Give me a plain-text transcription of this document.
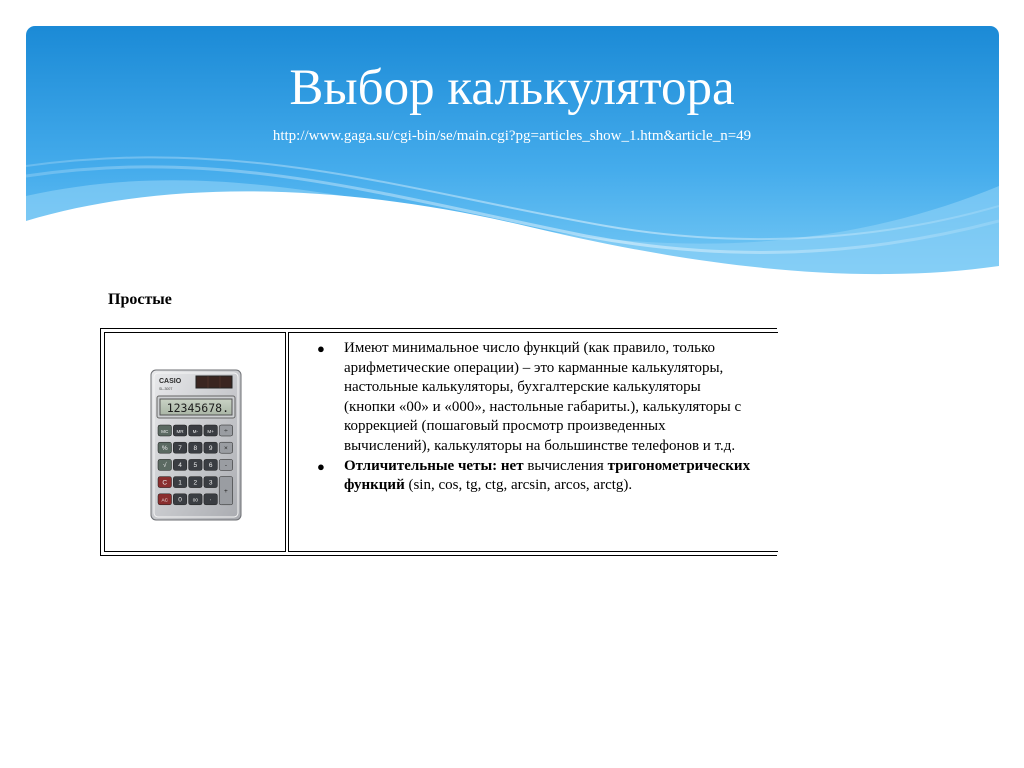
Выбор калькулятора
http://www.gaga.su/cgi-bin/se/main.cgi?pg=articles_show_1.htm&article_n=49
Простые
CASIO
SL-300T
12345678.
MC MR M- M+ ÷
% 7 8 9 ×
√ 4 5 6 -
C 1 2 3
+
AC 0 00 ·
● Имеют минимальное число функций (как правило, только арифметические операции) – это карманные калькуляторы, настольные калькуляторы, бухгалтерские калькуляторы (кнопки «00» и «000», настольные габариты.), калькуляторы с коррекцией (пошаговый просмотр произведенных вычислений), калькуляторы на большинстве телефонов и т.д.
● Отличительные четы: нет вычисления тригонометрических функций (sin, cos, tg, ctg, arcsin, arcos, arctg).
